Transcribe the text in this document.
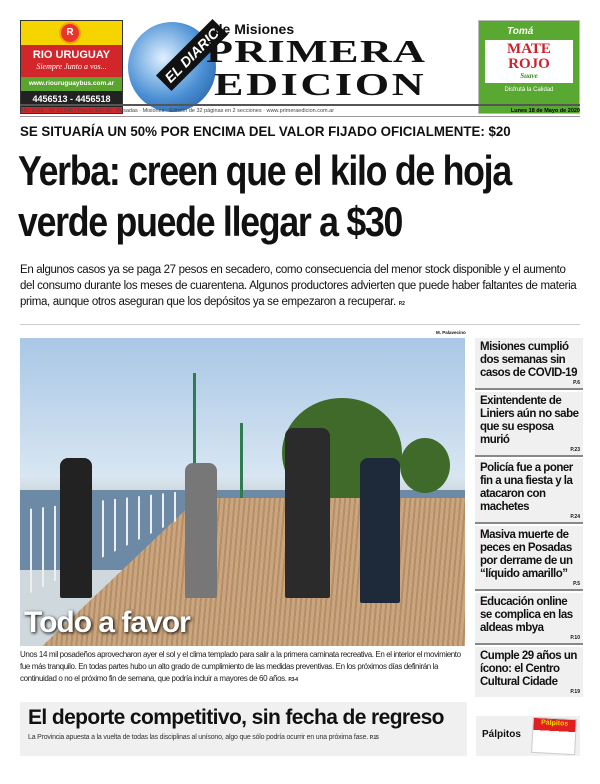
R
RIO URUGUAY
Siempre Junto a vos...
www.riouruguaybus.com.ar
4456513 - 4456518
EL DIARIO
de Misiones
PRIMERA
EDICION
Tomá
MATE
ROJO
Suave
Disfrutá la Calidad
Año XXIX · Nº 10.546 | Precio $40,00 · Posadas · Misiones · Edición de 32 páginas en 2 secciones · www.primeraedicion.com.ar	Lunes 18 de Mayo de 2020
SE SITUARÍA UN 50% POR ENCIMA DEL VALOR FIJADO OFICIALMENTE: $20
Yerba: creen que el kilo de hoja verde puede llegar a $30
En algunos casos ya se paga 27 pesos en secadero, como consecuencia del menor stock disponible y el aumento del consumo durante los meses de cuarentena. Algunos productores advierten que puede haber faltantes de materia prima, aunque otros aseguran que los depósitos ya se empezaron a recuperar. P.2
M. Palavecino
Todo a favor
Unos 14 mil posadeños aprovecharon ayer el sol y el clima templado para salir a la primera caminata recreativa. En el interior el movimiento fue más tranquilo. En todas partes hubo un alto grado de cumplimiento de las medidas preventivas. En los próximos días definirán la continuidad o no el próximo fin de semana, que podría incluir a mayores de 60 años. P.3-4
El deporte competitivo, sin fecha de regreso

La Provincia apuesta a la vuelta de todas las disciplinas al unísono, algo que sólo podría ocurrir en una próxima fase. P.15

Misiones cumplió dos semanas sin casos de COVID-19
P.6
Exintendente de Liniers aún no sabe que su esposa murió
P.23
Policía fue a poner fin a una fiesta y la atacaron con machetes
P.24
Masiva muerte de peces en Posadas por derrame de un “líquido amarillo”
P.5
Educación online se complica en las aldeas mbya
P.10
Cumple 29 años un ícono: el Centro Cultural Cidade
P.19
Pálpitos
Pálpitos
